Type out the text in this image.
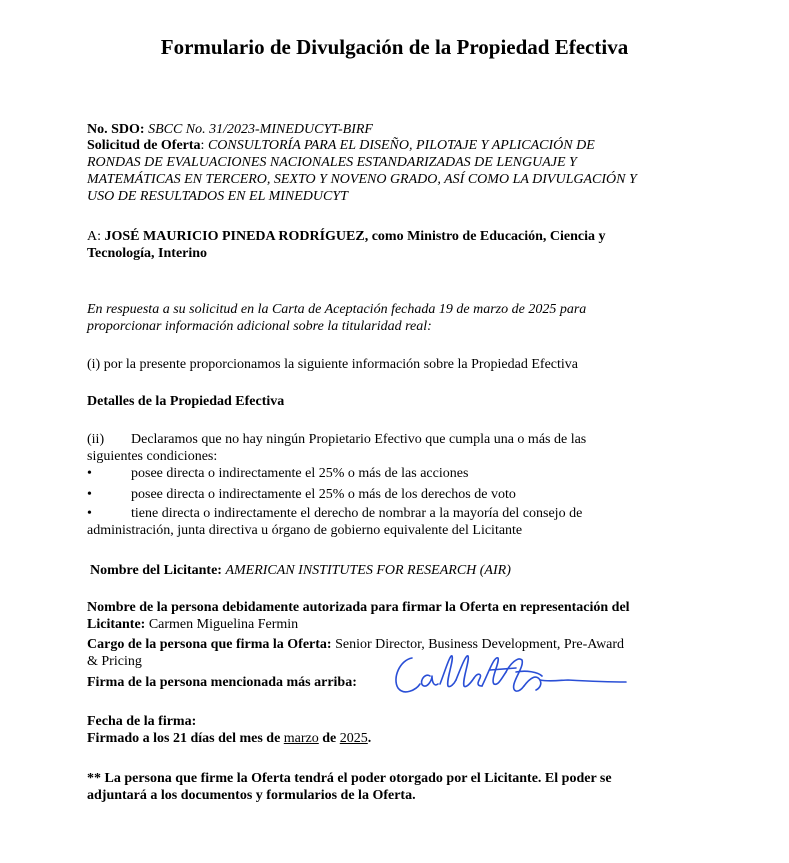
Formulario de Divulgación de la Propiedad Efectiva
No. SDO: SBCC No. 31/2023-MINEDUCYT-BIRF
Solicitud de Oferta: CONSULTORÍA PARA EL DISEÑO, PILOTAJE Y APLICACIÓN DE
RONDAS DE EVALUACIONES NACIONALES ESTANDARIZADAS DE LENGUAJE Y
MATEMÁTICAS EN TERCERO, SEXTO Y NOVENO GRADO, ASÍ COMO LA DIVULGACIÓN Y
USO DE RESULTADOS EN EL MINEDUCYT
A: JOSÉ MAURICIO PINEDA RODRÍGUEZ, como Ministro de Educación, Ciencia y
Tecnología, Interino
En respuesta a su solicitud en la Carta de Aceptación fechada 19 de marzo de 2025 para
proporcionar información adicional sobre la titularidad real:
(i) por la presente proporcionamos la siguiente información sobre la Propiedad Efectiva
Detalles de la Propiedad Efectiva
(ii) Declaramos que no hay ningún Propietario Efectivo que cumpla una o más de las
siguientes condiciones:
•	posee directa o indirectamente el 25% o más de las acciones
•	posee directa o indirectamente el 25% o más de los derechos de voto
•	tiene directa o indirectamente el derecho de nombrar a la mayoría del consejo de
administración, junta directiva u órgano de gobierno equivalente del Licitante
Nombre del Licitante: AMERICAN INSTITUTES FOR RESEARCH (AIR)
Nombre de la persona debidamente autorizada para firmar la Oferta en representación del
Licitante: Carmen Miguelina Fermin
Cargo de la persona que firma la Oferta: Senior Director, Business Development, Pre-Award
& Pricing
Firma de la persona mencionada más arriba:
Fecha de la firma:
Firmado a los 21 días del mes de marzo de 2025.
** La persona que firme la Oferta tendrá el poder otorgado por el Licitante. El poder se
adjuntará a los documentos y formularios de la Oferta.
